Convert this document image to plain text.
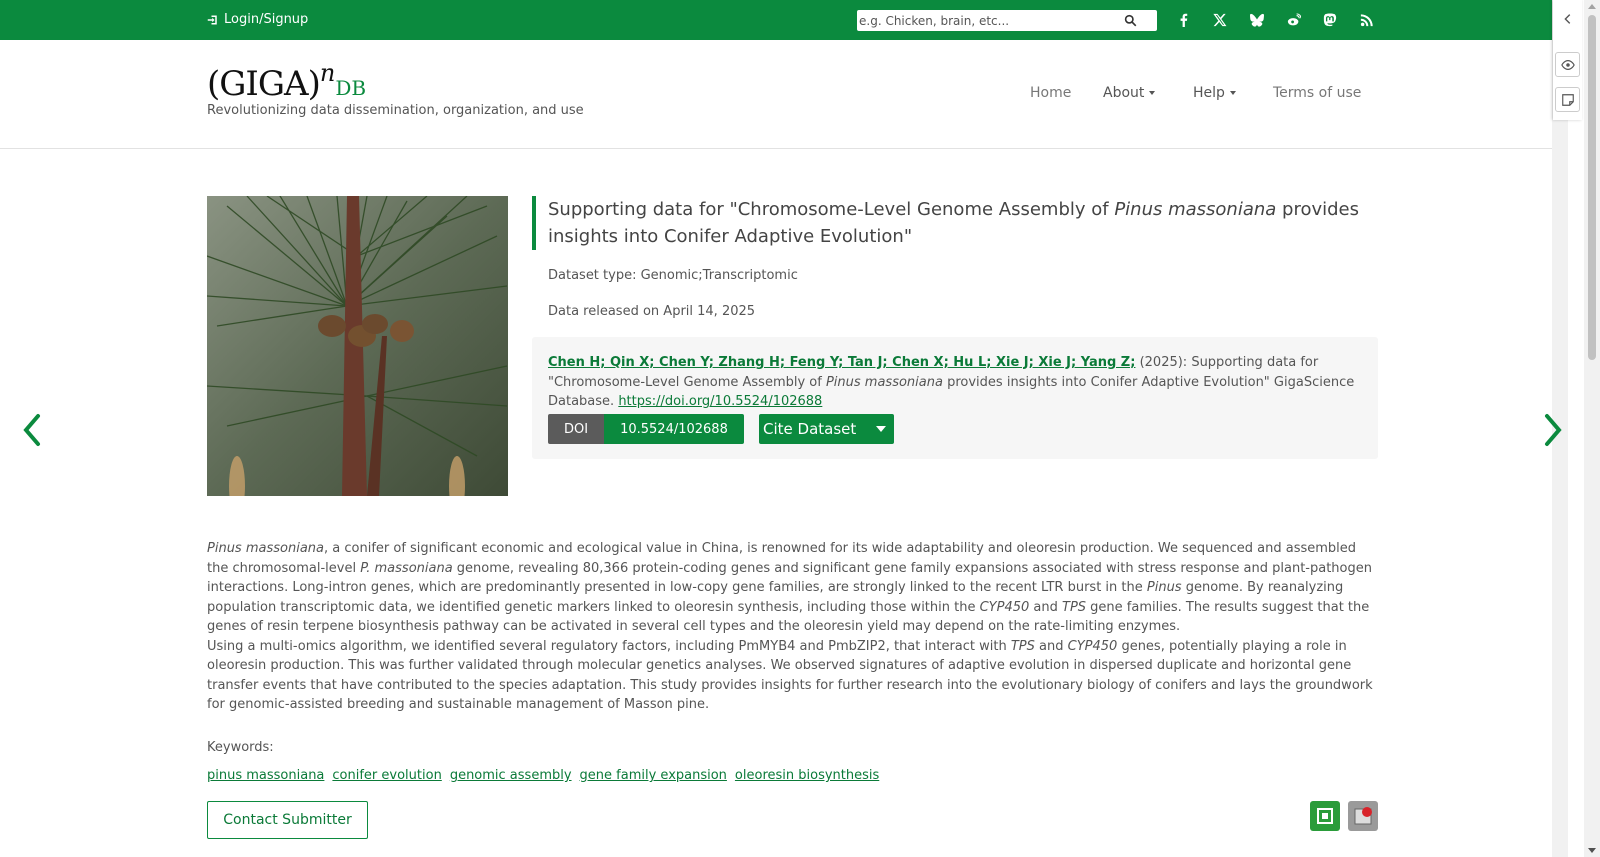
Login/Signup
e.g. Chicken, brain, etc...
(GIGA)nDB
Revolutionizing data dissemination, organization, and use
Home About	Help	Terms of use
Supporting data for "Chromosome-Level Genome Assembly of Pinus massoniana provides insights into Conifer Adaptive Evolution"
Dataset type: Genomic;Transcriptomic
Data released on April 14, 2025
Chen H; Qin X; Chen Y; Zhang H; Feng Y; Tan J; Chen X; Hu L; Xie J; Xie J; Yang Z; (2025): Supporting data for "Chromosome-Level Genome Assembly of Pinus massoniana provides insights into Conifer Adaptive Evolution" GigaScience Database. https://doi.org/10.5524/102688
DOI	10.5524/102688	Cite Dataset
Pinus massoniana, a conifer of significant economic and ecological value in China, is renowned for its wide adaptability and oleoresin production. We sequenced and assembled the chromosomal-level P. massoniana genome, revealing 80,366 protein-coding genes and significant gene family expansions associated with stress response and plant-pathogen interactions. Long-intron genes, which are predominantly presented in low-copy gene families, are strongly linked to the recent LTR burst in the Pinus genome. By reanalyzing population transcriptomic data, we identified genetic markers linked to oleoresin synthesis, including those within the CYP450 and TPS gene families. The results suggest that the genes of resin terpene biosynthesis pathway can be activated in several cell types and the oleoresin yield may depend on the rate-limiting enzymes.
Using a multi-omics algorithm, we identified several regulatory factors, including PmMYB4 and PmbZIP2, that interact with TPS and CYP450 genes, potentially playing a role in oleoresin production. This was further validated through molecular genetics analyses. We observed signatures of adaptive evolution in dispersed duplicate and horizontal gene transfer events that have contributed to the species adaptation. This study provides insights for further research into the evolutionary biology of conifers and lays the groundwork for genomic-assisted breeding and sustainable management of Masson pine.
Keywords:
pinus massoniana conifer evolution genomic assembly gene family expansion oleoresin biosynthesis
Contact Submitter
